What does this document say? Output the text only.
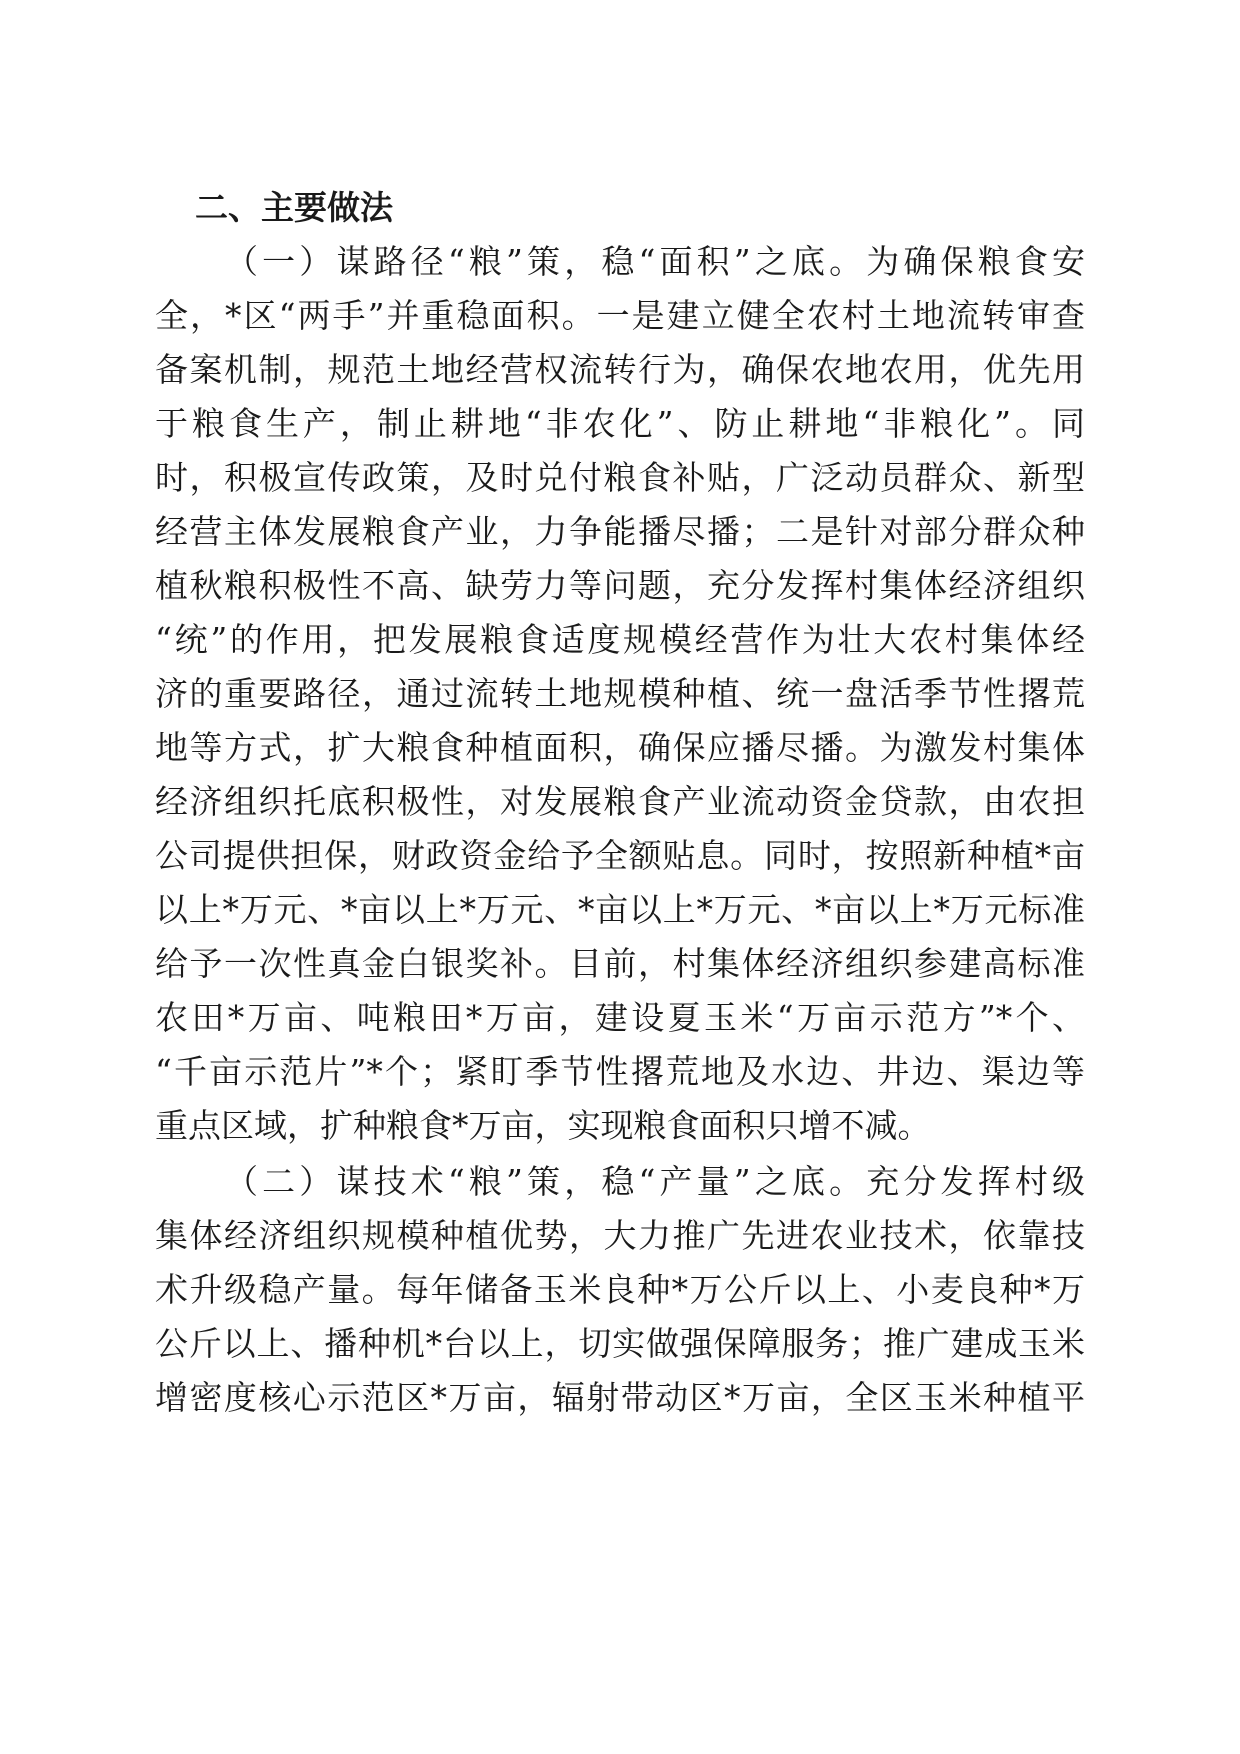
二、主要做法
（一）谋路径“粮”策，稳“面积”之底。为确保粮食安
全，*区“两手”并重稳面积。一是建立健全农村土地流转审查
备案机制，规范土地经营权流转行为，确保农地农用，优先用
于粮食生产，制止耕地“非农化”、防止耕地“非粮化”。同
时，积极宣传政策，及时兑付粮食补贴，广泛动员群众、新型
经营主体发展粮食产业，力争能播尽播；二是针对部分群众种
植秋粮积极性不高、缺劳力等问题，充分发挥村集体经济组织
“统”的作用，把发展粮食适度规模经营作为壮大农村集体经
济的重要路径，通过流转土地规模种植、统一盘活季节性撂荒
地等方式，扩大粮食种植面积，确保应播尽播。为激发村集体
经济组织托底积极性，对发展粮食产业流动资金贷款，由农担
公司提供担保，财政资金给予全额贴息。同时，按照新种植*亩
以上*万元、*亩以上*万元、*亩以上*万元、*亩以上*万元标准
给予一次性真金白银奖补。目前，村集体经济组织参建高标准
农田*万亩、吨粮田*万亩，建设夏玉米“万亩示范方”*个、
“千亩示范片”*个；紧盯季节性撂荒地及水边、井边、渠边等
重点区域，扩种粮食*万亩，实现粮食面积只增不减。
（二）谋技术“粮”策，稳“产量”之底。充分发挥村级
集体经济组织规模种植优势，大力推广先进农业技术，依靠技
术升级稳产量。每年储备玉米良种*万公斤以上、小麦良种*万
公斤以上、播种机*台以上，切实做强保障服务；推广建成玉米
增密度核心示范区*万亩，辐射带动区*万亩，全区玉米种植平
